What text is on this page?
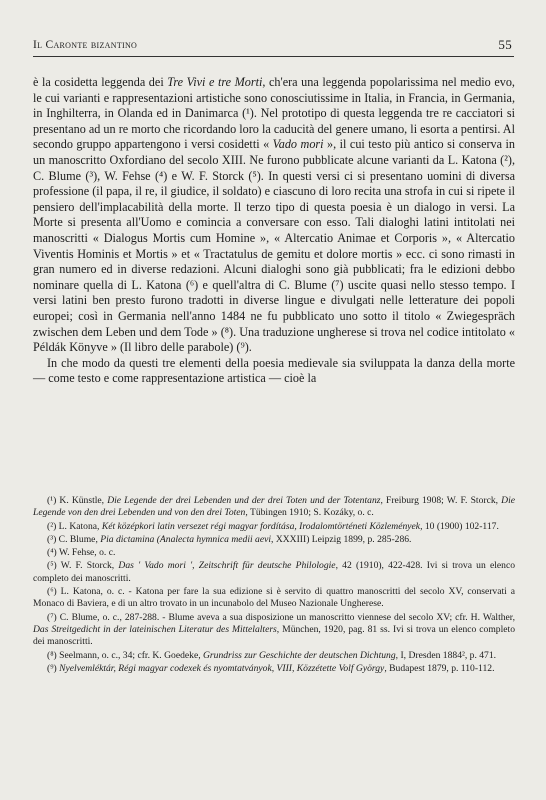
Il Caronte bizantino	55

è la cosidetta leggenda dei Tre Vivi e tre Morti, ch'era una leggenda popolarissima nel medio evo, le cui varianti e rappresentazioni artistiche sono conosciutissime in Italia, in Francia, in Germania, in Inghilterra, in Olanda ed in Danimarca (¹). Nel prototipo di questa leggenda tre re cacciatori si presentano ad un re morto che ricordando loro la caducità del genere umano, li esorta a pentirsi. Al secondo gruppo appartengono i versi cosidetti « Vado mori », il cui testo più antico si conserva in un manoscritto Oxfordiano del secolo XIII. Ne furono pubblicate alcune varianti da L. Katona (²), C. Blume (³), W. Fehse (⁴) e W. F. Storck (⁵). In questi versi ci si presentano uomini di diversa professione (il papa, il re, il giudice, il soldato) e ciascuno di loro recita una strofa in cui si ripete il pensiero dell'implacabilità della morte. Il terzo tipo di questa poesia è un dialogo in versi. La Morte si presenta all'Uomo e comincia a conversare con esso. Tali dialoghi latini intitolati nei manoscritti « Dialogus Mortis cum Homine », « Altercatio Animae et Corporis », « Altercatio Viventis Hominis et Mortis » et « Tractatulus de gemitu et dolore mortis » ecc. ci sono rimasti in gran numero ed in diverse redazioni. Alcuni dialoghi sono già pubblicati; fra le edizioni debbo nominare quella di L. Katona (⁶) e quell'altra di C. Blume (⁷) uscite quasi nello stesso tempo. I versi latini ben presto furono tradotti in diverse lingue e divulgati nelle letterature dei popoli europei; così in Germania nell'anno 1484 ne fu pubblicato uno sotto il titolo « Zwiegespräch zwischen dem Leben und dem Tode » (⁸). Una traduzione ungherese si trova nel codice intitolato « Példák Könyve » (Il libro delle parabole) (⁹).

In che modo da questi tre elementi della poesia medievale sia sviluppata la danza della morte — come testo e come rappresentazione artistica — cioè la

(¹) K. Künstle, Die Legende der drei Lebenden und der drei Toten und der Totentanz, Freiburg 1908; W. F. Storck, Die Legende von den drei Lebenden und von den drei Toten, Tübingen 1910; S. Kozáky, o. c.

(²) L. Katona, Két középkori latin versezet régi magyar fordítása, Irodalomtörténeti Közlemények, 10 (1900) 102-117.

(³) C. Blume, Pia dictamina (Analecta hymnica medii aevi, XXXIII) Leipzig 1899, p. 285-286.

(⁴) W. Fehse, o. c.

(⁵) W. F. Storck, Das ' Vado mori ', Zeitschrift für deutsche Philologie, 42 (1910), 422-428. Ivi si trova un elenco completo dei manoscritti.

(⁶) L. Katona, o. c. - Katona per fare la sua edizione si è servito di quattro manoscritti del secolo XV, conservati a Monaco di Baviera, e di un altro trovato in un incunabolo del Museo Nazionale Ungherese.

(⁷) C. Blume, o. c., 287-288. - Blume aveva a sua disposizione un manoscritto viennese del secolo XV; cfr. H. Walther, Das Streitgedicht in der lateinischen Literatur des Mittelalters, München, 1920, pag. 81 ss. Ivi si trova un elenco completo dei manoscritti.

(⁸) Seelmann, o. c., 34; cfr. K. Goedeke, Grundriss zur Geschichte der deutschen Dichtung, I, Dresden 1884², p. 471.

(⁹) Nyelvemléktár, Régi magyar codexek és nyomtatványok, VIII, Közzétette Volf György, Budapest 1879, p. 110-112.
